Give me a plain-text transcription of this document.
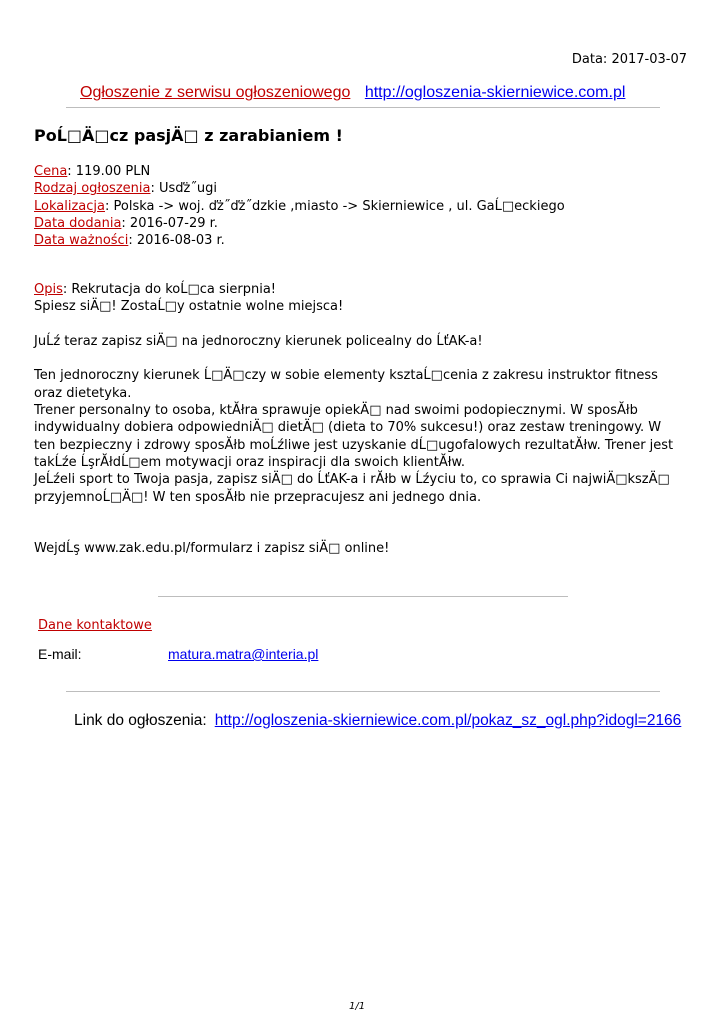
Data: 2017-03-07
Ogłoszenie z serwisu ogłoszeniowego http://ogloszenia-skierniewice.com.pl
PoĹ□Ä□cz pasjÄ□ z zarabianiem !
Cena: 119.00 PLN
Rodzaj ogłoszenia: Usďż˝ugi
Lokalizacja: Polska -> woj. ďż˝ďż˝dzkie ,miasto -> Skierniewice , ul. GaĹ□eckiego
Data dodania: 2016-07-29 r.
Data ważności: 2016-08-03 r.

Opis: Rekrutacja do koĹ□ca sierpnia!

Spiesz siÄ□! ZostaĹ□y ostatnie wolne miejsca!

JuĹź teraz zapisz siÄ□ na jednoroczny kierunek policealny do ĹťAK-a!

Ten jednoroczny kierunek Ĺ□Ä□czy w sobie elementy ksztaĹ□cenia z zakresu instruktor fitness oraz dietetyka.

Trener personalny to osoba, ktĂłra sprawuje opiekÄ□ nad swoimi podopiecznymi. W sposĂłb indywidualny dobiera odpowiedniÄ□ dietÄ□ (dieta to 70% sukcesu!) oraz zestaw treningowy. W ten bezpieczny i zdrowy sposĂłb moĹźliwe jest uzyskanie dĹ□ugofalowych rezultatĂłw. Trener jest takĹźe ĹşrĂłdĹ□em motywacji oraz inspiracji dla swoich klientĂłw.

JeĹźeli sport to Twoja pasja, zapisz siÄ□ do ĹťAK-a i rĂłb w Ĺźyciu to, co sprawia Ci najwiÄ□kszÄ□ przyjemnoĹ□Ä□! W ten sposĂłb nie przepracujesz ani jednego dnia.

WejdĹş www.zak.edu.pl/formularz i zapisz siÄ□ online!

Dane kontaktowe
E-mail:	matura.matra@interia.pl
Link do ogłoszenia: http://ogloszenia-skierniewice.com.pl/pokaz_sz_ogl.php?idogl=2166
1/1
